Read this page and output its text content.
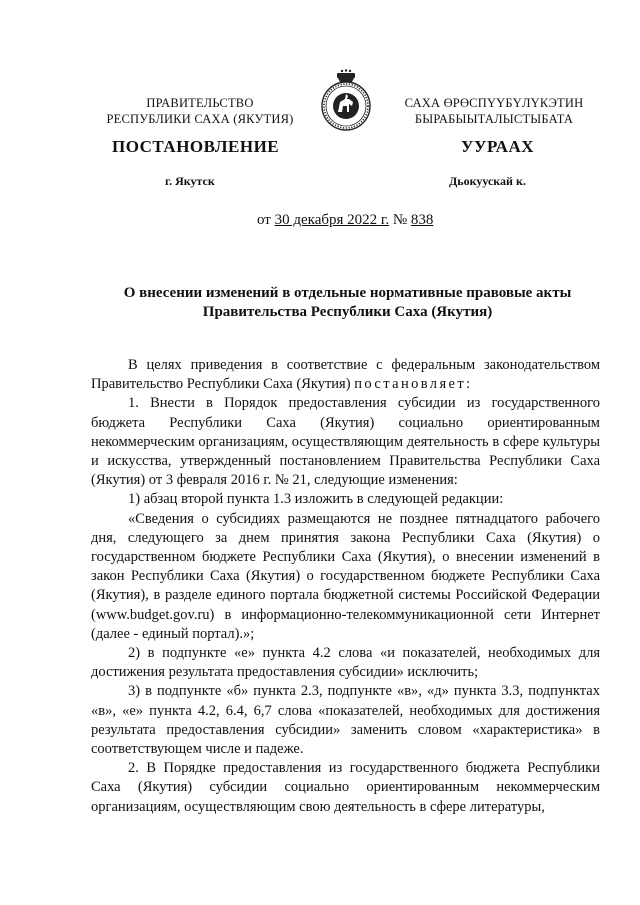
ПРАВИТЕЛЬСТВО
РЕСПУБЛИКИ САХА (ЯКУТИЯ)
САХА ӨРӨСПҮҮБҮЛҮКЭТИН
БЫРАБЫЫТАЛЫСТЫБАТА
ПОСТАНОВЛЕНИЕ	УУРААХ
г. Якутск	Дьокуускай к.
от 30 декабря 2022 г. № 838
О внесении изменений в отдельные нормативные правовые акты
Правительства Республики Саха (Якутия)

В целях приведения в соответствие с федеральным законодательством Правительство Республики Саха (Якутия) постановляет:

1. Внести в Порядок предоставления субсидии из государственного бюджета Республики Саха (Якутия) социально ориентированным некоммерческим организациям, осуществляющим деятельность в сфере культуры и искусства, утвержденный постановлением Правительства Республики Саха (Якутия) от 3 февраля 2016 г. № 21, следующие изменения:

1) абзац второй пункта 1.3 изложить в следующей редакции:

«Сведения о субсидиях размещаются не позднее пятнадцатого рабочего дня, следующего за днем принятия закона Республики Саха (Якутия) о государственном бюджете Республики Саха (Якутия), о внесении изменений в закон Республики Саха (Якутия) о государственном бюджете Республики Саха (Якутия), в разделе единого портала бюджетной системы Российской Федерации (www.budget.gov.ru) в информационно-телекоммуникационной сети Интернет (далее - единый портал).»;

2) в подпункте «е» пункта 4.2 слова «и показателей, необходимых для достижения результата предоставления субсидии» исключить;

3) в подпункте «б» пункта 2.3, подпункте «в», «д» пункта 3.3, подпунктах «в», «е» пункта 4.2, 6.4, 6,7 слова «показателей, необходимых для достижения результата предоставления субсидии» заменить словом «характеристика» в соответствующем числе и падеже.

2. В Порядке предоставления из государственного бюджета Республики Саха (Якутия) субсидии социально ориентированным некоммерческим организациям, осуществляющим свою деятельность в сфере литературы,
